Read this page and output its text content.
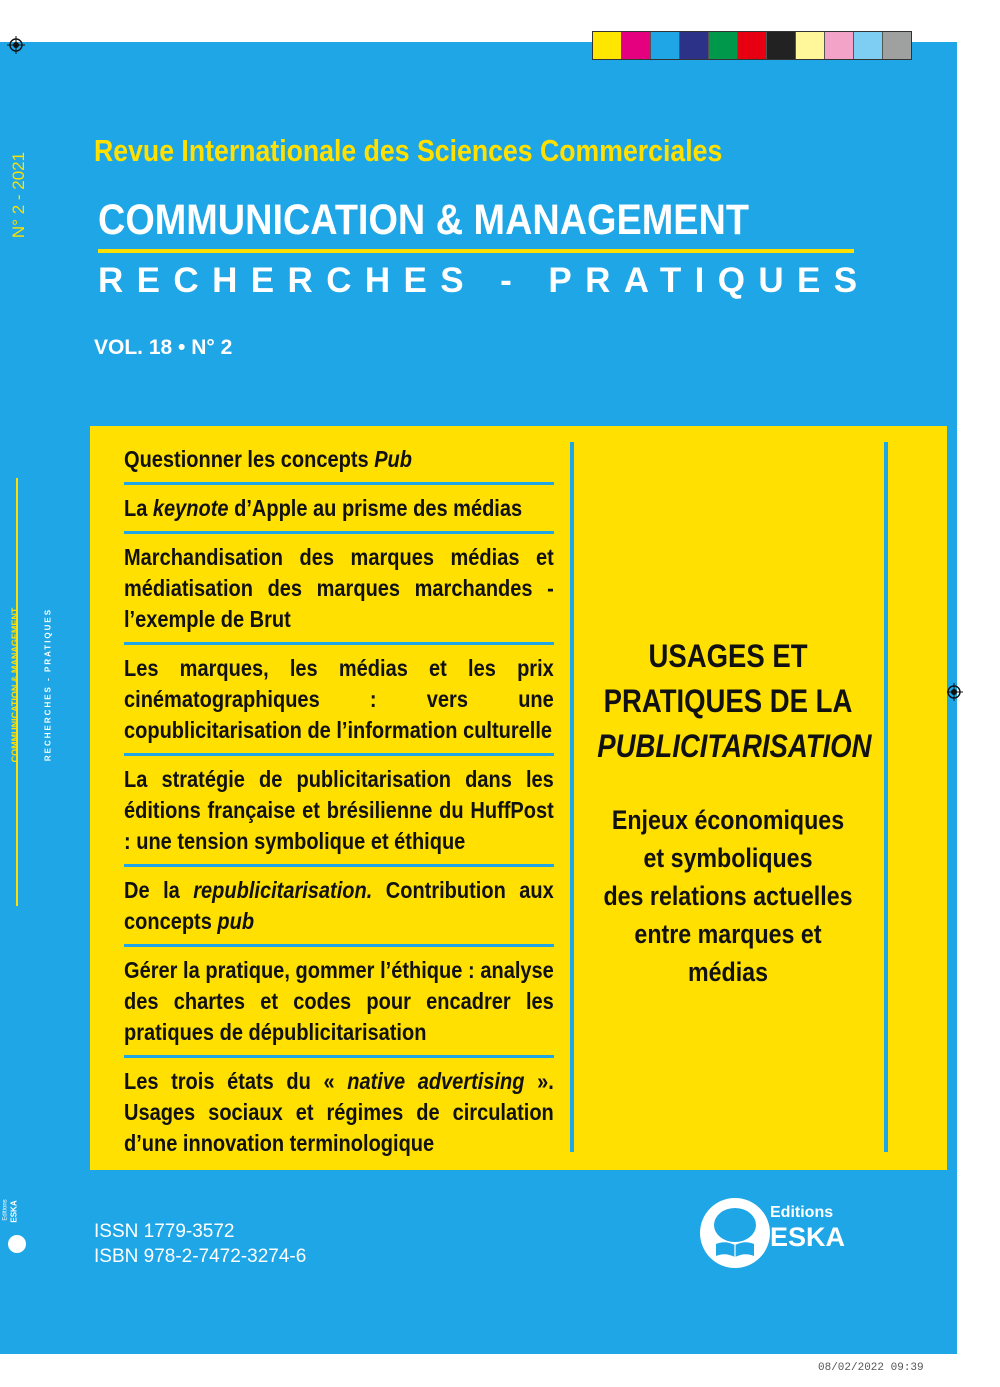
N° 2 - 2021
COMMUNICATION & MANAGEMENT	RECHERCHES - PRATIQUES
Editions ESKA
Revue Internationale des Sciences Commerciales
COMMUNICATION & MANAGEMENT
RECHERCHES - PRATIQUES
VOL. 18 • N° 2
Questionner les concepts Pub
La keynote d’Apple au prisme des médias
Marchandisation des marques médias et médiatisation des marques marchandes - l’exemple de Brut
Les marques, les médias et les prix cinématographiques : vers une copublicitarisation de l’information culturelle
La stratégie de publicitarisation dans les éditions française et brésilienne du HuffPost : une tension symbolique et éthique
De la republicitarisation. Contribution aux concepts pub
Gérer la pratique, gommer l’éthique : analyse des chartes et codes pour encadrer les pratiques de dépublicitarisation
Les trois états du « native advertising ». Usages sociaux et régimes de circulation d’une innovation terminologique
USAGES ET
PRATIQUES DE LA
PUBLICITARISATION
Enjeux économiques
et symboliques
des relations actuelles
entre marques et médias
ISSN 1779-3572
ISBN 978-2-7472-3274-6
Editions
ESKA
08/02/2022 09:39
